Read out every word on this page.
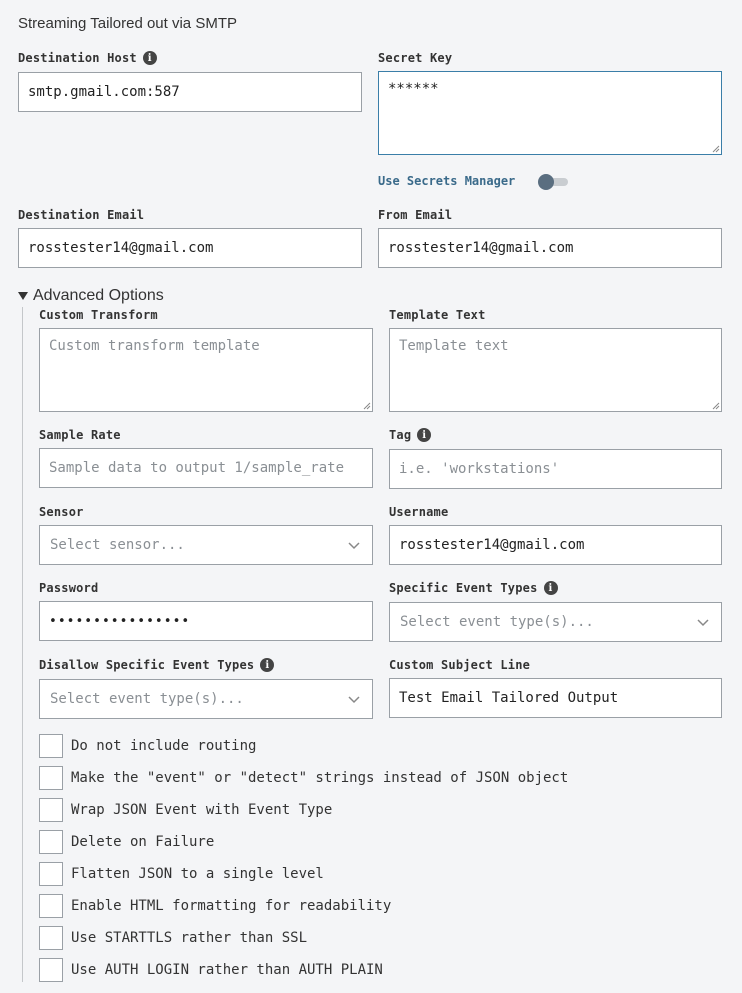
Streaming Tailored out via SMTP
Destination Host	i
smtp.gmail.com:587
Secret Key
******
Use Secrets Manager
Destination Email
rosstester14@gmail.com
From Email
rosstester14@gmail.com
Advanced Options
Custom Transform
Custom transform template
Template Text
Template text
Sample Rate
Sample data to output 1/sample_rate
Tag	i
i.e. 'workstations'
Sensor
Select sensor...
Username
rosstester14@gmail.com
Password
••••••••••••••••
Specific Event Types	i
Select event type(s)...
Disallow Specific Event Types	i
Select event type(s)...
Custom Subject Line
Test Email Tailored Output
Do not include routing
Make the "event" or "detect" strings instead of JSON object
Wrap JSON Event with Event Type
Delete on Failure
Flatten JSON to a single level
Enable HTML formatting for readability
Use STARTTLS rather than SSL
Use AUTH LOGIN rather than AUTH PLAIN
